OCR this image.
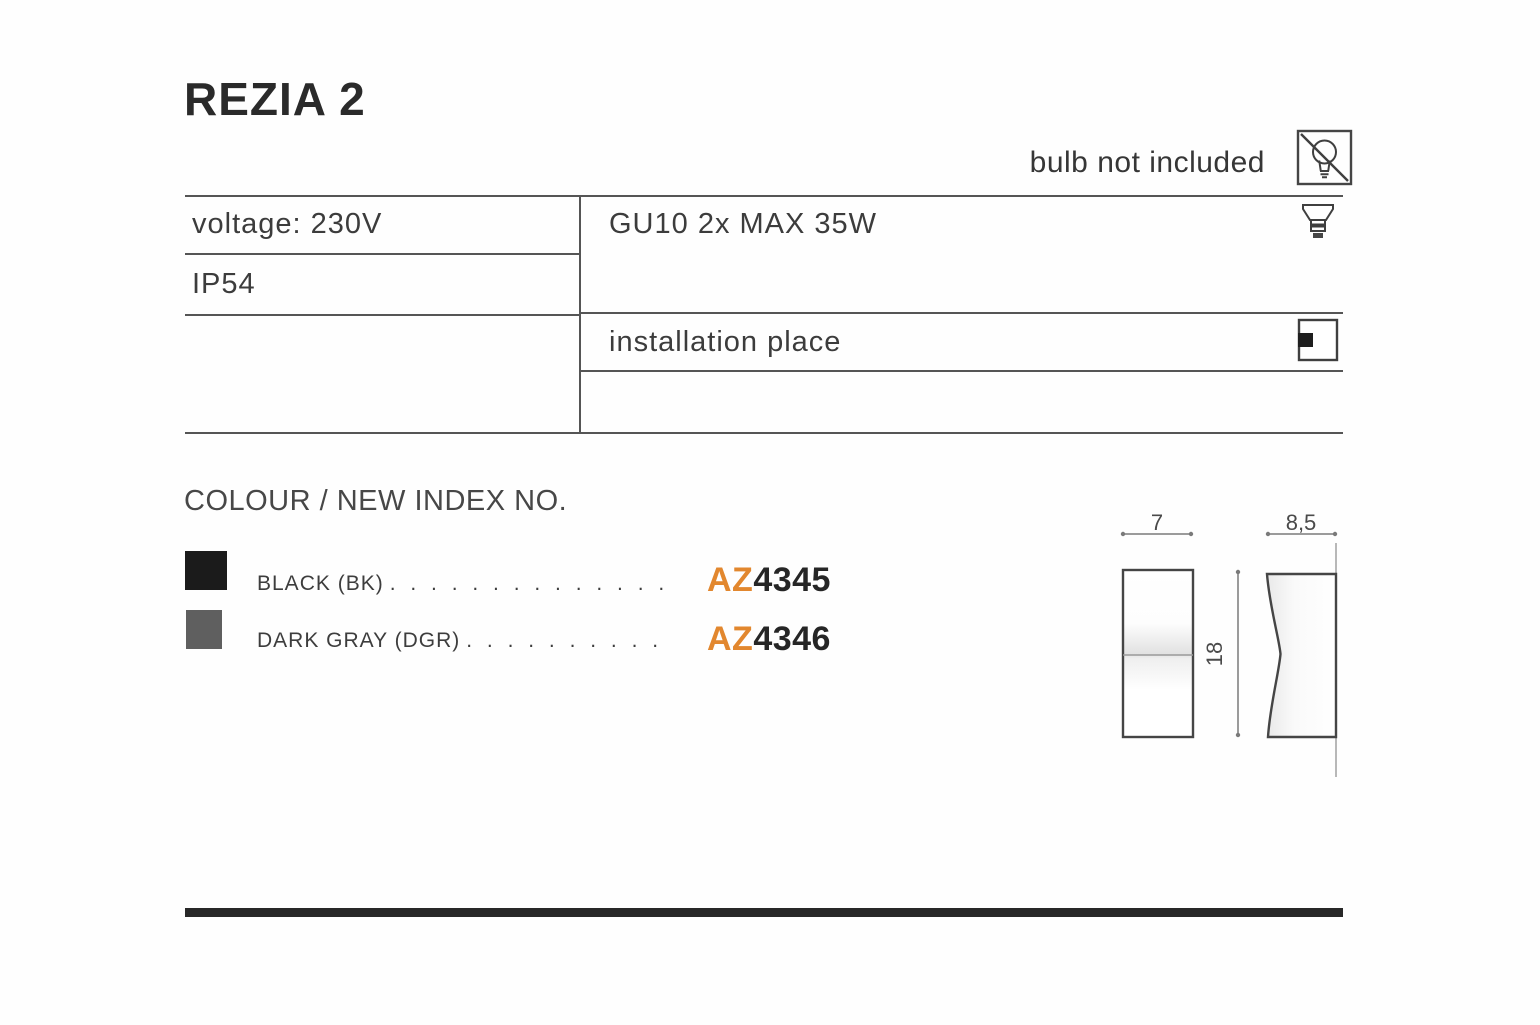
REZIA 2
bulb not included
voltage: 230V
IP54
GU10 2x MAX 35W
installation place
COLOUR / NEW INDEX NO.
BLACK (BK) . . . . . . . . . . . . . . AZ4345
DARK GRAY (DGR) . . . . . . . . . . AZ4346
7
18
8,5
